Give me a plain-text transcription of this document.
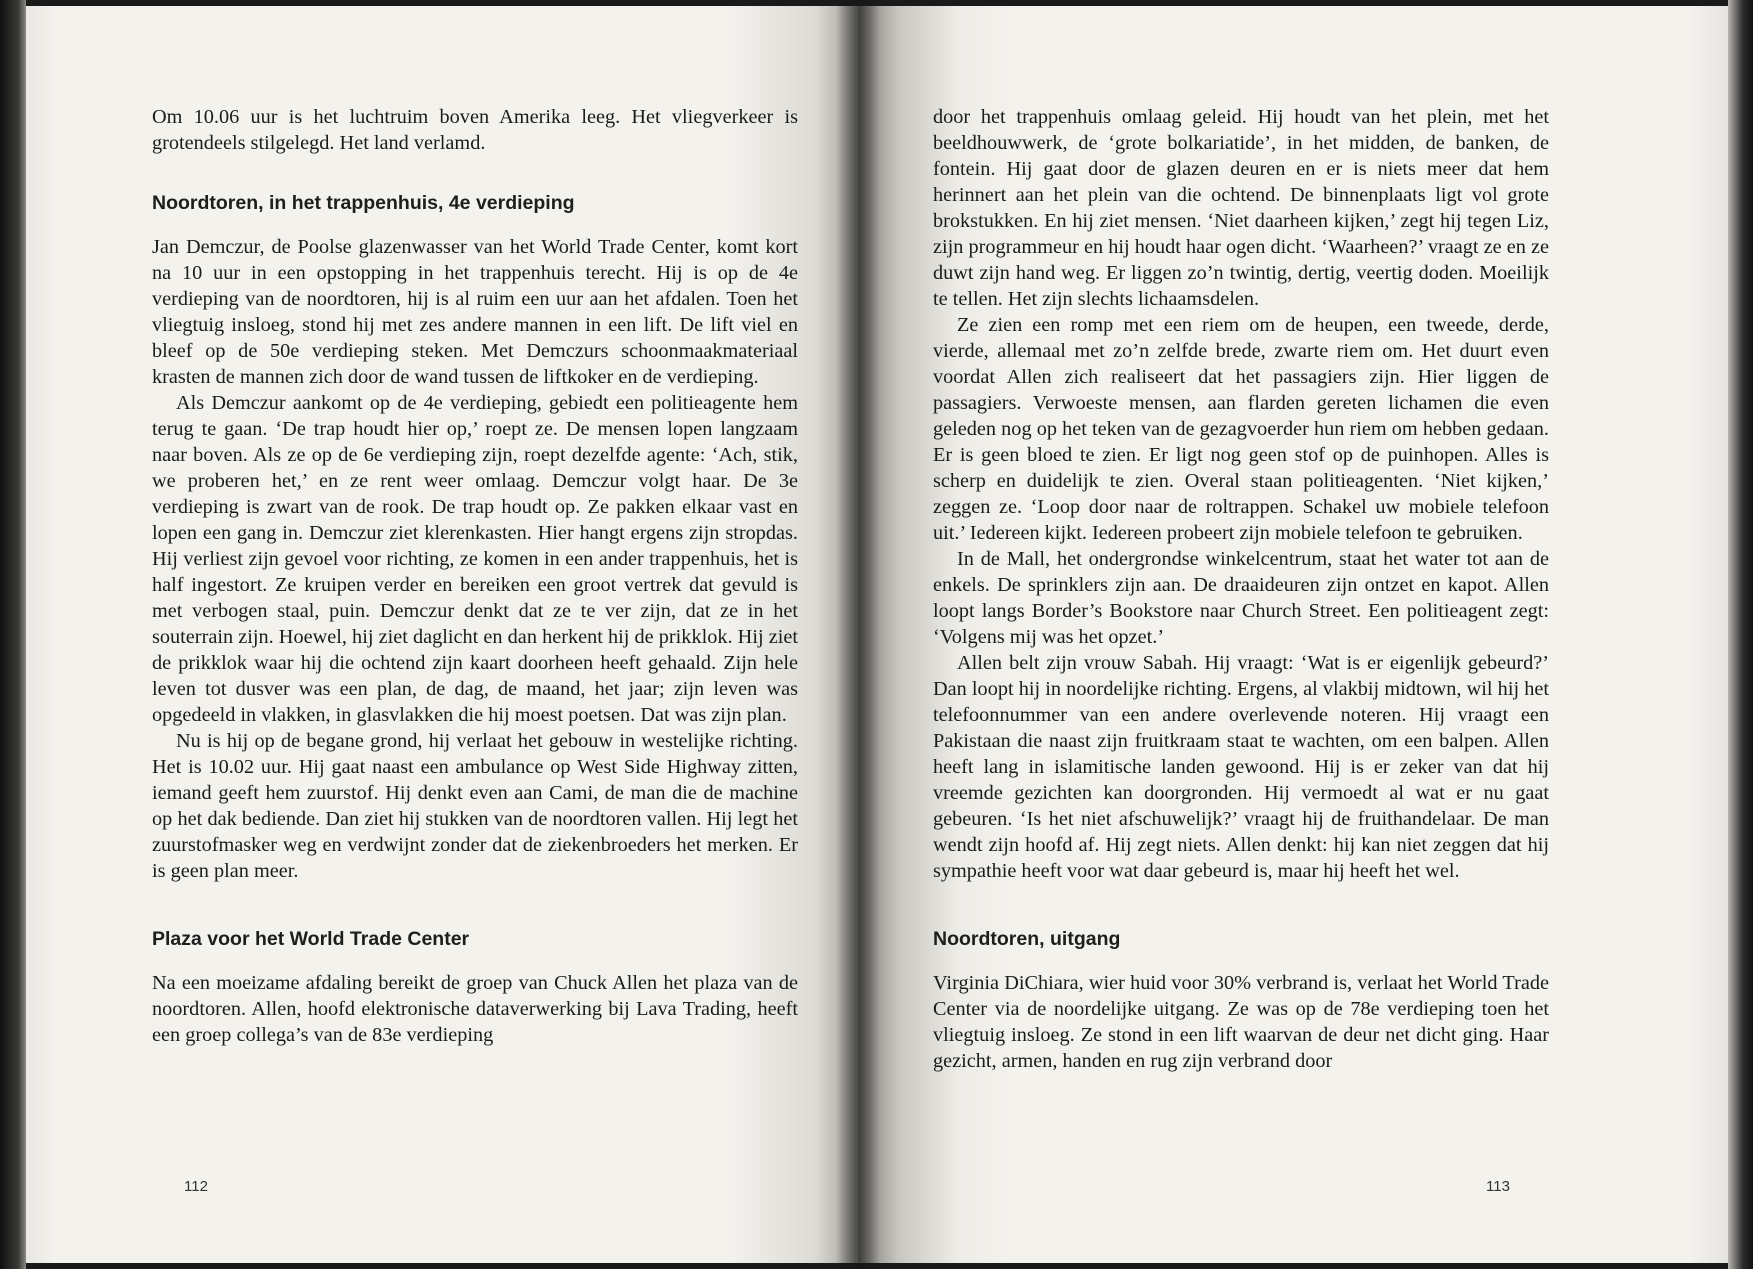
Om 10.06 uur is het luchtruim boven Amerika leeg. Het vliegverkeer is grotendeels stilgelegd. Het land verlamd.

Noordtoren, in het trappenhuis, 4e verdieping

Jan Demczur, de Poolse glazenwasser van het World Trade Center, komt kort na 10 uur in een opstopping in het trappenhuis terecht. Hij is op de 4e verdieping van de noordtoren, hij is al ruim een uur aan het afdalen. Toen het vliegtuig insloeg, stond hij met zes andere mannen in een lift. De lift viel en bleef op de 50e verdieping steken. Met Demczurs schoonmaakmateriaal krasten de mannen zich door de wand tussen de liftkoker en de verdieping.

Als Demczur aankomt op de 4e verdieping, gebiedt een politieagente hem terug te gaan. ‘De trap houdt hier op,’ roept ze. De mensen lopen langzaam naar boven. Als ze op de 6e verdieping zijn, roept dezelfde agente: ‘Ach, stik, we proberen het,’ en ze rent weer omlaag. Demczur volgt haar. De 3e verdieping is zwart van de rook. De trap houdt op. Ze pakken elkaar vast en lopen een gang in. Demczur ziet klerenkasten. Hier hangt ergens zijn stropdas. Hij verliest zijn gevoel voor richting, ze komen in een ander trappenhuis, het is half ingestort. Ze kruipen verder en bereiken een groot vertrek dat gevuld is met verbogen staal, puin. Demczur denkt dat ze te ver zijn, dat ze in het souterrain zijn. Hoewel, hij ziet daglicht en dan herkent hij de prikklok. Hij ziet de prikklok waar hij die ochtend zijn kaart doorheen heeft gehaald. Zijn hele leven tot dusver was een plan, de dag, de maand, het jaar; zijn leven was opgedeeld in vlakken, in glasvlakken die hij moest poetsen. Dat was zijn plan.

Nu is hij op de begane grond, hij verlaat het gebouw in westelijke richting. Het is 10.02 uur. Hij gaat naast een ambulance op West Side Highway zitten, iemand geeft hem zuurstof. Hij denkt even aan Cami, de man die de machine op het dak bediende. Dan ziet hij stukken van de noordtoren vallen. Hij legt het zuurstofmasker weg en verdwijnt zonder dat de ziekenbroeders het merken. Er is geen plan meer.

Plaza voor het World Trade Center

Na een moeizame afdaling bereikt de groep van Chuck Allen het plaza van de noordtoren. Allen, hoofd elektronische dataverwerking bij Lava Trading, heeft een groep collega’s van de 83e verdieping

112

door het trappenhuis omlaag geleid. Hij houdt van het plein, met het beeldhouwwerk, de ‘grote bolkariatide’, in het midden, de banken, de fontein. Hij gaat door de glazen deuren en er is niets meer dat hem herinnert aan het plein van die ochtend. De binnenplaats ligt vol grote brokstukken. En hij ziet mensen. ‘Niet daarheen kijken,’ zegt hij tegen Liz, zijn programmeur en hij houdt haar ogen dicht. ‘Waarheen?’ vraagt ze en ze duwt zijn hand weg. Er liggen zo’n twintig, dertig, veertig doden. Moeilijk te tellen. Het zijn slechts lichaamsdelen.

Ze zien een romp met een riem om de heupen, een tweede, derde, vierde, allemaal met zo’n zelfde brede, zwarte riem om. Het duurt even voordat Allen zich realiseert dat het passagiers zijn. Hier liggen de passagiers. Verwoeste mensen, aan flarden gereten lichamen die even geleden nog op het teken van de gezagvoerder hun riem om hebben gedaan. Er is geen bloed te zien. Er ligt nog geen stof op de puinhopen. Alles is scherp en duidelijk te zien. Overal staan politieagenten. ‘Niet kijken,’ zeggen ze. ‘Loop door naar de roltrappen. Schakel uw mobiele telefoon uit.’ Iedereen kijkt. Iedereen probeert zijn mobiele telefoon te gebruiken.

In de Mall, het ondergrondse winkelcentrum, staat het water tot aan de enkels. De sprinklers zijn aan. De draaideuren zijn ontzet en kapot. Allen loopt langs Border’s Bookstore naar Church Street. Een politieagent zegt: ‘Volgens mij was het opzet.’

Allen belt zijn vrouw Sabah. Hij vraagt: ‘Wat is er eigenlijk gebeurd?’ Dan loopt hij in noordelijke richting. Ergens, al vlakbij midtown, wil hij het telefoonnummer van een andere overlevende noteren. Hij vraagt een Pakistaan die naast zijn fruitkraam staat te wachten, om een balpen. Allen heeft lang in islamitische landen gewoond. Hij is er zeker van dat hij vreemde gezichten kan doorgronden. Hij vermoedt al wat er nu gaat gebeuren. ‘Is het niet afschuwelijk?’ vraagt hij de fruithandelaar. De man wendt zijn hoofd af. Hij zegt niets. Allen denkt: hij kan niet zeggen dat hij sympathie heeft voor wat daar gebeurd is, maar hij heeft het wel.

Noordtoren, uitgang

Virginia DiChiara, wier huid voor 30% verbrand is, verlaat het World Trade Center via de noordelijke uitgang. Ze was op de 78e verdieping toen het vliegtuig insloeg. Ze stond in een lift waarvan de deur net dicht ging. Haar gezicht, armen, handen en rug zijn verbrand door

113
